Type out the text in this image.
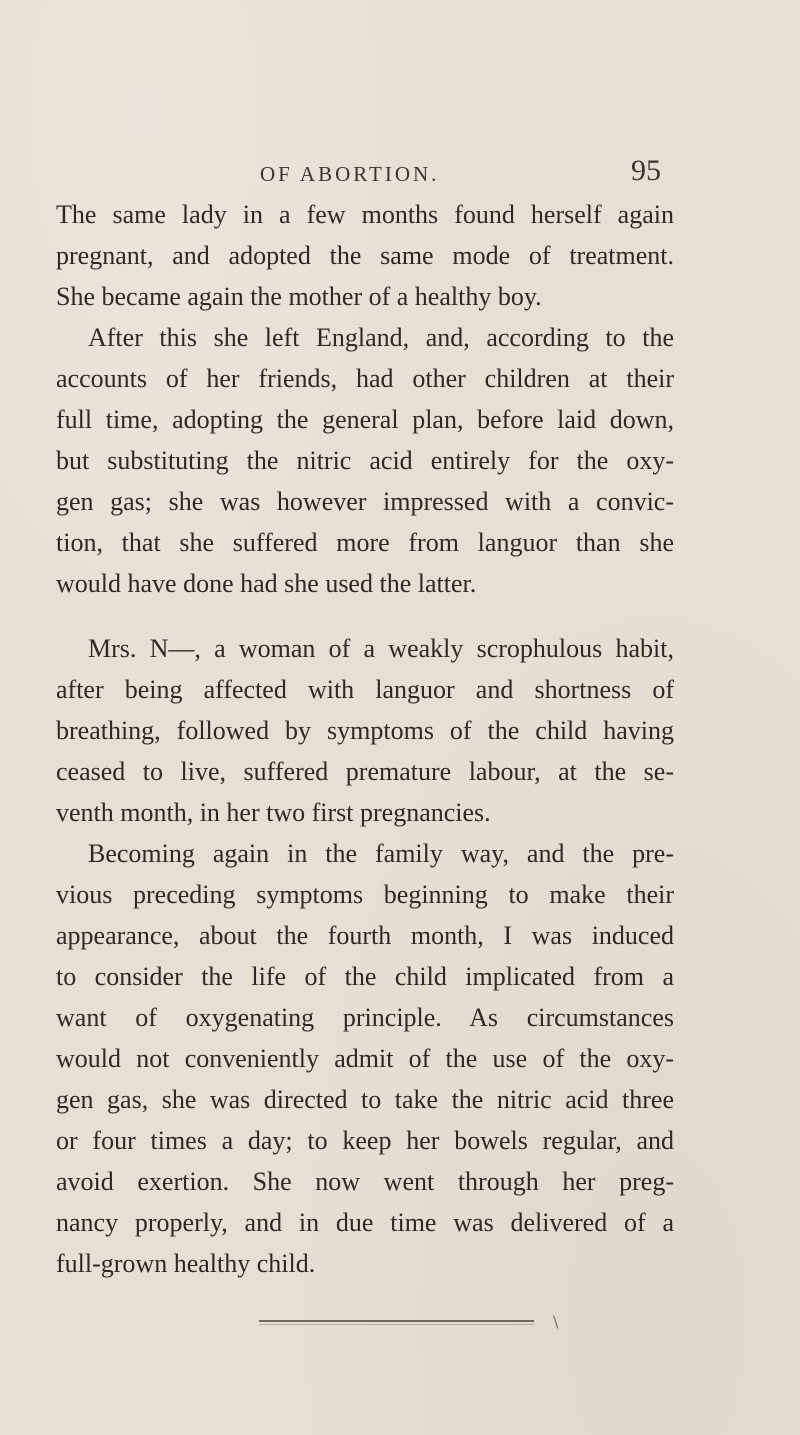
OF ABORTION.	95
The same lady in a few months found herself again
pregnant, and adopted the same mode of treatment.
She became again the mother of a healthy boy.
After this she left England, and, according to the
accounts of her friends, had other children at their
full time, adopting the general plan, before laid down,
but substituting the nitric acid entirely for the oxy-
gen gas; she was however impressed with a convic-
tion, that she suffered more from languor than she
would have done had she used the latter.
Mrs. N—, a woman of a weakly scrophulous habit,
after being affected with languor and shortness of
breathing, followed by symptoms of the child having
ceased to live, suffered premature labour, at the se-
venth month, in her two first pregnancies.
Becoming again in the family way, and the pre-
vious preceding symptoms beginning to make their
appearance, about the fourth month, I was induced
to consider the life of the child implicated from a
want of oxygenating principle. As circumstances
would not conveniently admit of the use of the oxy-
gen gas, she was directed to take the nitric acid three
or four times a day; to keep her bowels regular, and
avoid exertion. She now went through her preg-
nancy properly, and in due time was delivered of a
full-grown healthy child.
\
